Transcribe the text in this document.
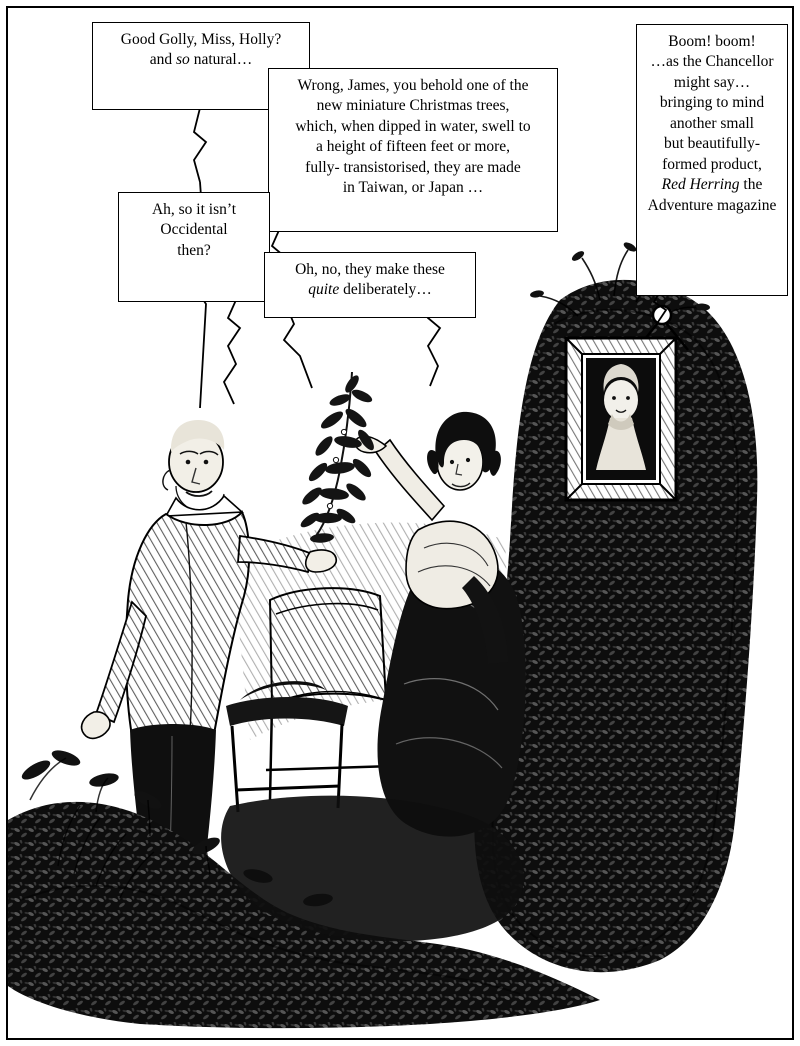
Good Golly, Miss, Holly?
and so natural…
Wrong, James, you behold one of the
new miniature Christmas trees,
which, when dipped in water, swell to
a height of fifteen feet or more,
fully- transistorised, they are made
in Taiwan, or Japan …
Ah, so it isn’t
Occidental
then?
Oh, no, they make these
quite deliberately…
Boom! boom!
…as the Chancellor
might say…
bringing to mind
another small
but beautifully-
formed product,
Red Herring the
Adventure magazine
